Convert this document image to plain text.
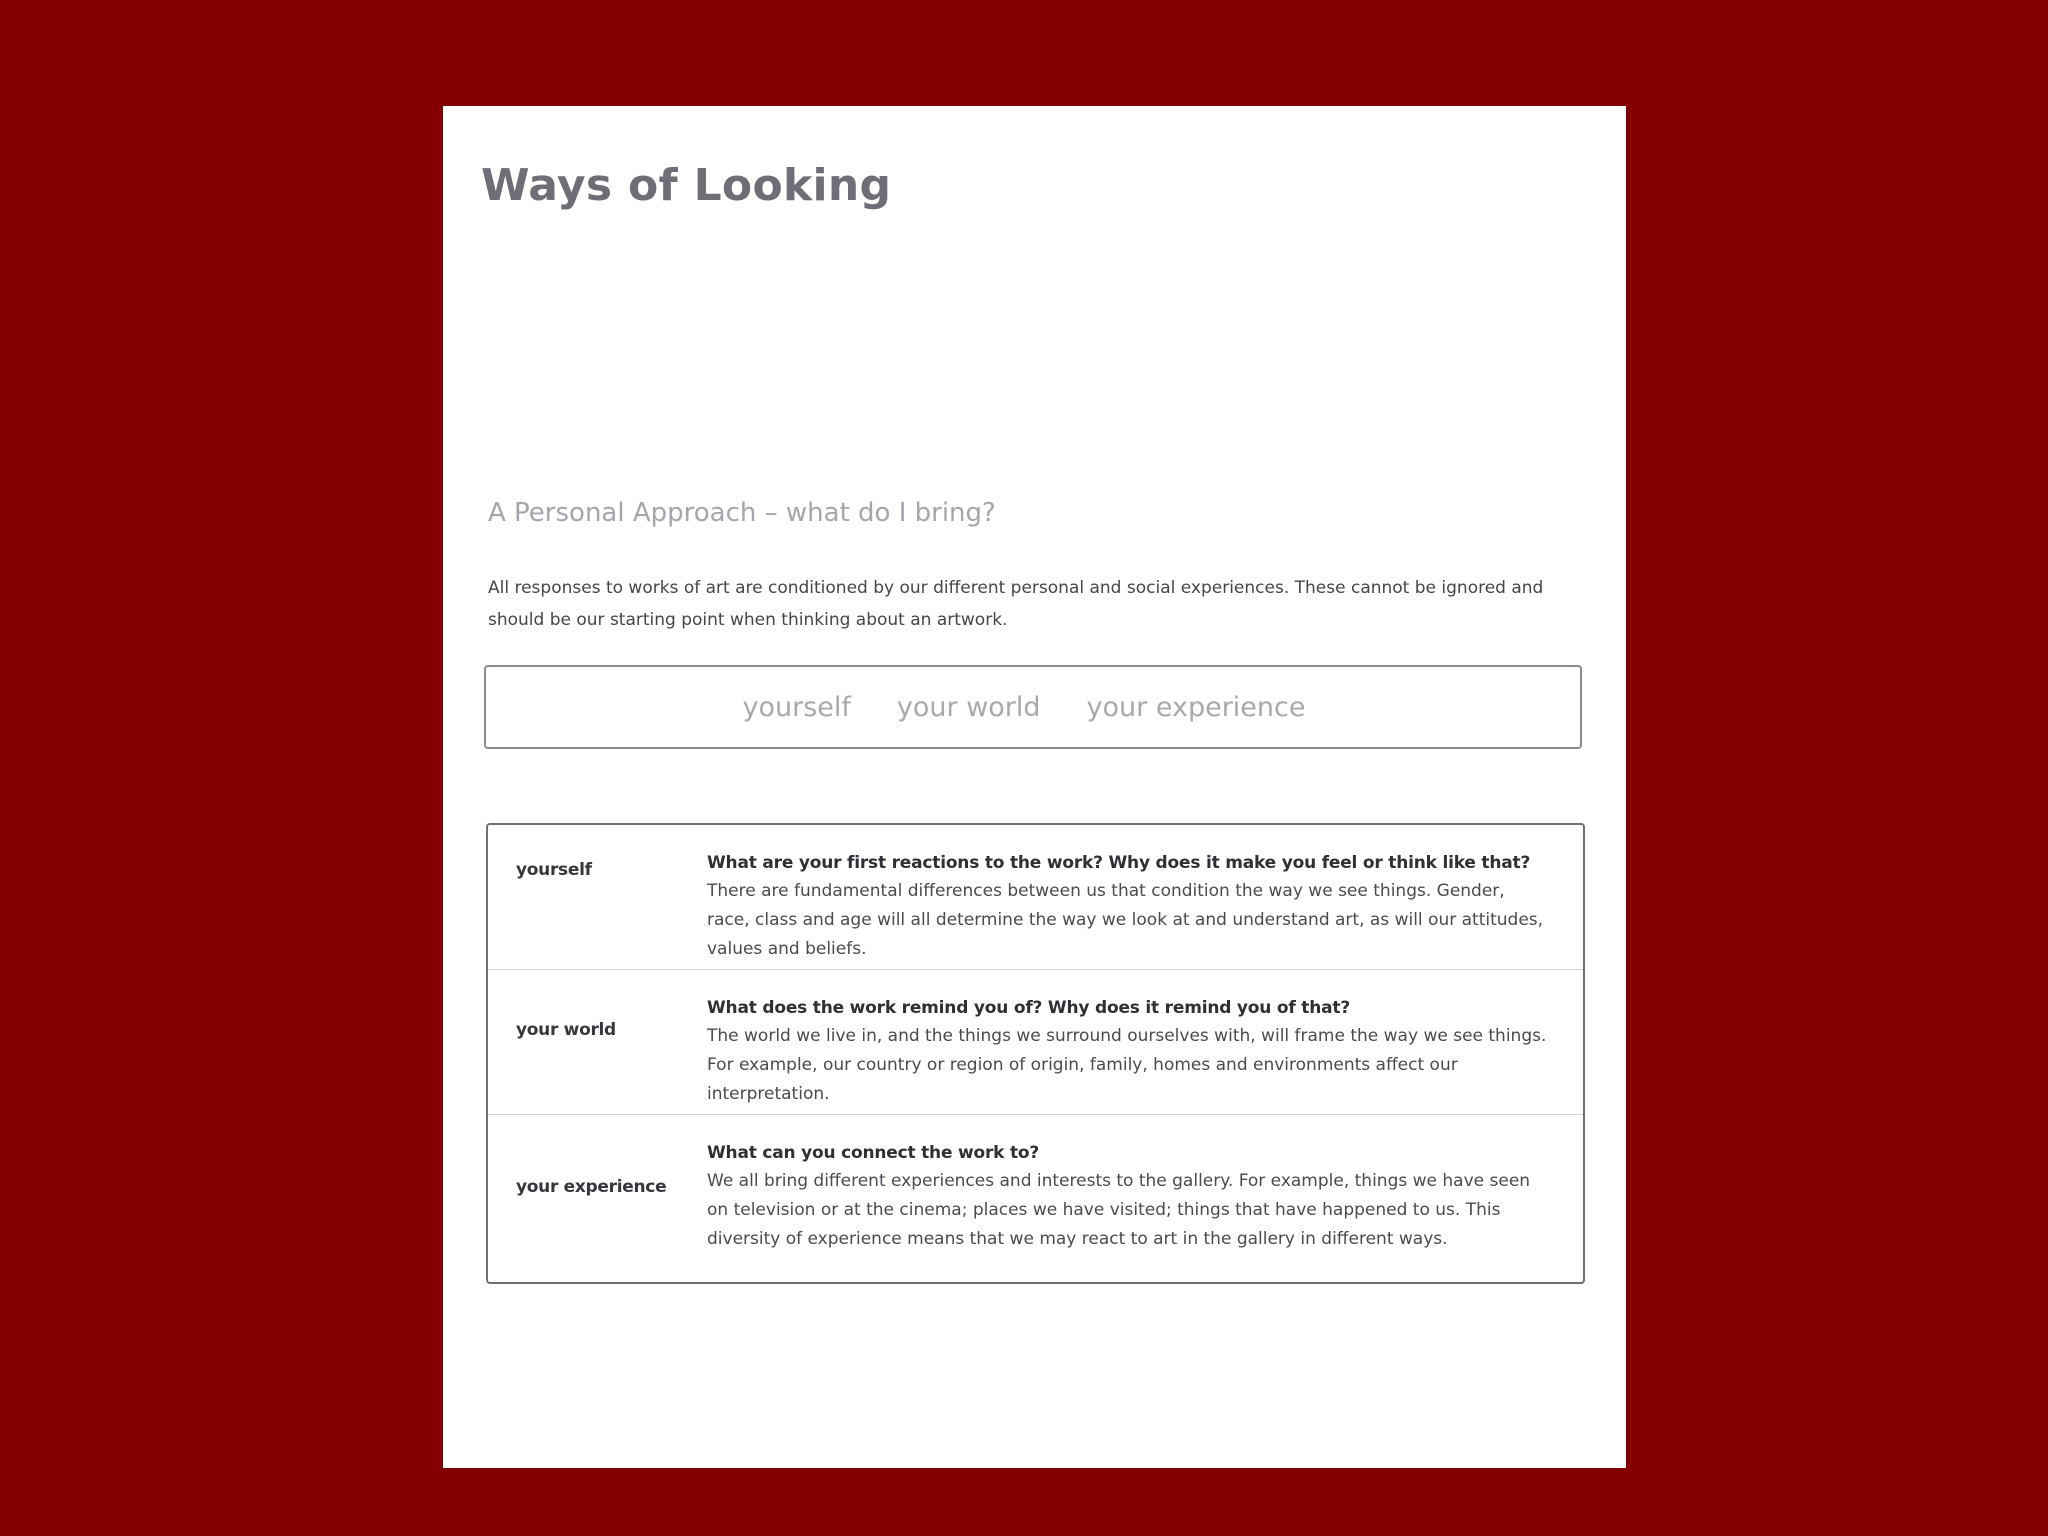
Ways of Looking
A Personal Approach – what do I bring?

All responses to works of art are conditioned by our different personal and social experiences. These cannot be ignored and should be our starting point when thinking about an artwork.

yourself your world your experience
yourself	What are your first reactions to the work? Why does it make you feel or think like that?
There are fundamental differences between us that condition the way we see things. Gender, race, class and age will all determine the way we look at and understand art, as will our attitudes, values and beliefs.
your world
What does the work remind you of? Why does it remind you of that?
The world we live in, and the things we surround ourselves with, will frame the way we see things. For example, our country or region of origin, family, homes and environments affect our interpretation.
your experience
What can you connect the work to?
We all bring different experiences and interests to the gallery. For example, things we have seen on television or at the cinema; places we have visited; things that have happened to us. This diversity of experience means that we may react to art in the gallery in different ways.
